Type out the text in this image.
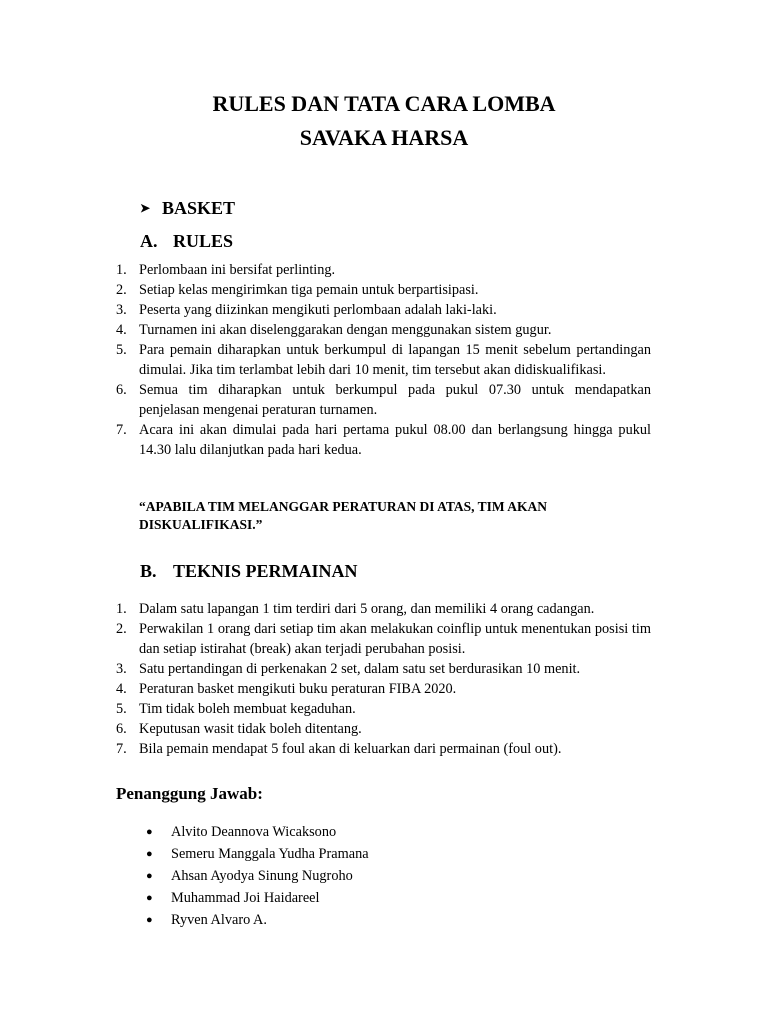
RULES DAN TATA CARA LOMBA
SAVAKA HARSA
➤ BASKET
A. RULES
1. Perlombaan ini bersifat perlinting.
2. Setiap kelas mengirimkan tiga pemain untuk berpartisipasi.
3. Peserta yang diizinkan mengikuti perlombaan adalah laki-laki.
4. Turnamen ini akan diselenggarakan dengan menggunakan sistem gugur.
5. Para pemain diharapkan untuk berkumpul di lapangan 15 menit sebelum pertandingan dimulai. Jika tim terlambat lebih dari 10 menit, tim tersebut akan didiskualifikasi.
6. Semua tim diharapkan untuk berkumpul pada pukul 07.30 untuk mendapatkan penjelasan mengenai peraturan turnamen.
7. Acara ini akan dimulai pada hari pertama pukul 08.00 dan berlangsung hingga pukul 14.30 lalu dilanjutkan pada hari kedua.
“APABILA TIM MELANGGAR PERATURAN DI ATAS, TIM AKAN DISKUALIFIKASI.”
B. TEKNIS PERMAINAN
1. Dalam satu lapangan 1 tim terdiri dari 5 orang, dan memiliki 4 orang cadangan.
2. Perwakilan 1 orang dari setiap tim akan melakukan coinflip untuk menentukan posisi tim dan setiap istirahat (break) akan terjadi perubahan posisi.
3. Satu pertandingan di perkenakan 2 set, dalam satu set berdurasikan 10 menit.
4. Peraturan basket mengikuti buku peraturan FIBA 2020.
5. Tim tidak boleh membuat kegaduhan.
6. Keputusan wasit tidak boleh ditentang.
7. Bila pemain mendapat 5 foul akan di keluarkan dari permainan (foul out).
Penanggung Jawab:
● Alvito Deannova Wicaksono
● Semeru Manggala Yudha Pramana
● Ahsan Ayodya Sinung Nugroho
● Muhammad Joi Haidareel
● Ryven Alvaro A.
